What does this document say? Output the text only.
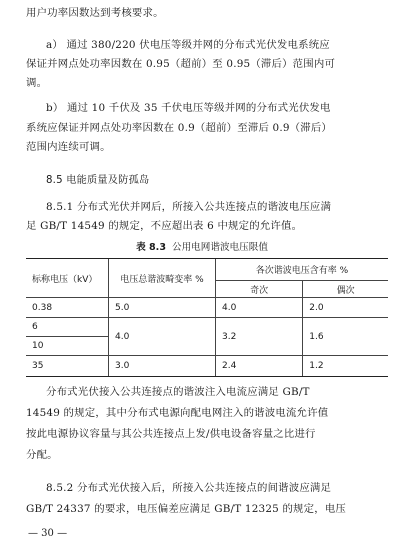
用户功率因数达到考核要求。
a） 通过 380/220 伏电压等级并网的分布式光伏发电系统应
保证并网点处功率因数在 0.95（超前）至 0.95（滞后）范围内可
调。
b） 通过 10 千伏及 35 千伏电压等级并网的分布式光伏发电
系统应保证并网点处功率因数在 0.9（超前）至滞后 0.9（滞后）
范围内连续可调。
8.5 电能质量及防孤岛
8.5.1 分布式光伏并网后，所接入公共连接点的谐波电压应满
足 GB/T 14549 的规定，不应超出表 6 中规定的允许值。
表 8.3 公用电网谐波电压限值
标称电压（kV）	电压总谐波畸变率 %	各次谐波电压含有率 %	
		奇次	偶次
0.38	5.0	4.0	2.0
6	4.0	3.2	1.6
10			
35	3.0	2.4	1.2
分布式光伏接入公共连接点的谐波注入电流应满足 GB/T
14549 的规定，其中分布式电源向配电网注入的谐波电流允许值
按此电源协议容量与其公共连接点上发/供电设备容量之比进行
分配。
8.5.2 分布式光伏接入后，所接入公共连接点的间谐波应满足
GB/T 24337 的要求，电压偏差应满足 GB/T 12325 的规定，电压
— 30 —
